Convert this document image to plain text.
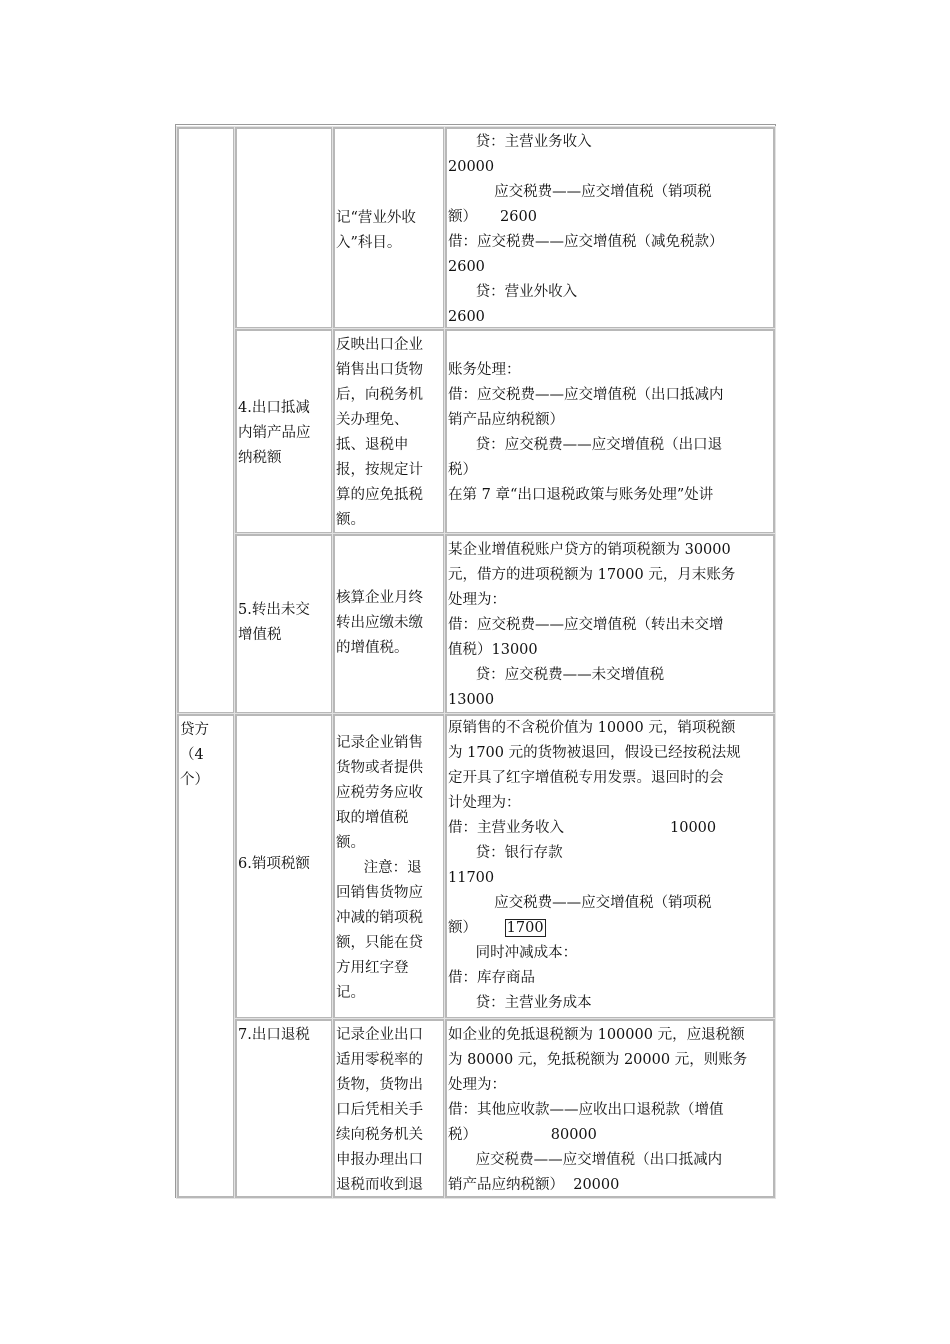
贷方（4

个）

记“营业外收

入”科目。

贷：主营业务收入

20000

应交税费——应交增值税（销项税

额）     2600

借：应交税费——应交增值税（减免税款）

2600

贷：营业外收入

2600

4.出口抵减

内销产品应

纳税额

反映出口企业

销售出口货物

后，向税务机

关办理免、

抵、退税申

报，按规定计

算的应免抵税

额。

账务处理：

借：应交税费——应交增值税（出口抵减内

销产品应纳税额）

贷：应交税费——应交增值税（出口退

税）

在第 7 章“出口退税政策与账务处理”处讲

5.转出未交

增值税

核算企业月终

转出应缴未缴

的增值税。

某企业增值税账户贷方的销项税额为 30000

元，借方的进项税额为 17000 元，月末账务

处理为：

借：应交税费——应交增值税（转出未交增

值税）13000

贷：应交税费——未交增值税

13000

6.销项税额

记录企业销售

货物或者提供

应税劳务应收

取的增值税

额。

注意：退

回销售货物应

冲减的销项税

额，只能在贷

方用红字登

记。

原销售的不含税价值为 10000 元，销项税额

为 1700 元的货物被退回，假设已经按税法规

定开具了红字增值税专用发票。退回时的会

计处理为：

借：主营业务收入                       10000

贷：银行存款

11700

应交税费——应交增值税（销项税

额） 1700

同时冲减成本：

借：库存商品

贷：主营业务成本

7.出口退税	记录企业出口

适用零税率的

货物，货物出

口后凭相关手

续向税务机关

申报办理出口

退税而收到退

如企业的免抵退税额为 100000 元，应退税额

为 80000 元，免抵税额为 20000 元，则账务

处理为：

借：其他应收款——应收出口退税款（增值

税）                80000

应交税费——应交增值税（出口抵减内

销产品应纳税额）  20000
